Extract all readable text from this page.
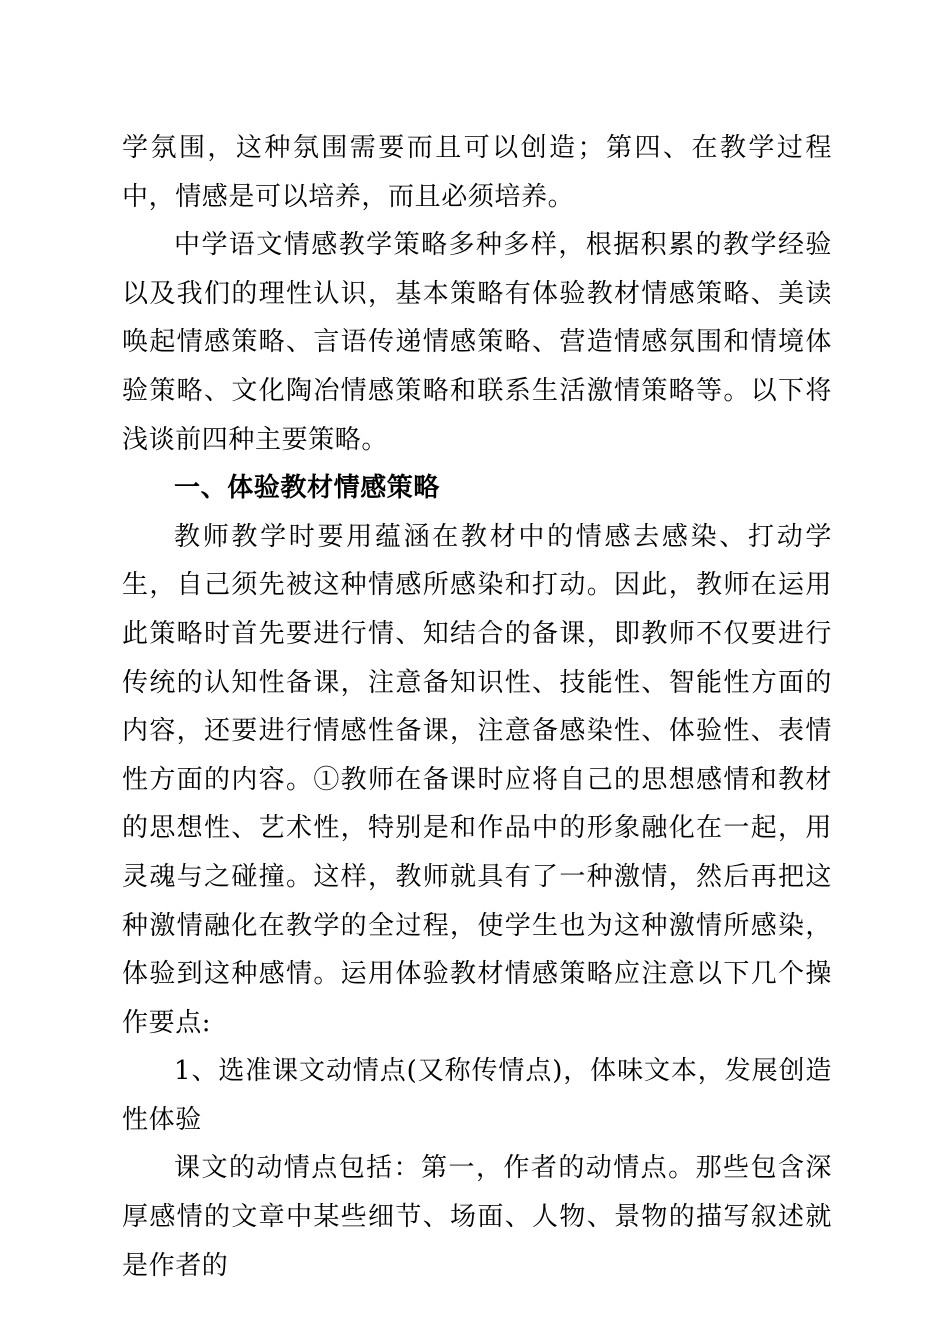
学氛围，这种氛围需要而且可以创造；第四、在教学过程中，情感是可以培养，而且必须培养。

中学语文情感教学策略多种多样，根据积累的教学经验以及我们的理性认识，基本策略有体验教材情感策略、美读唤起情感策略、言语传递情感策略、营造情感氛围和情境体验策略、文化陶冶情感策略和联系生活激情策略等。以下将浅谈前四种主要策略。

一、体验教材情感策略

教师教学时要用蕴涵在教材中的情感去感染、打动学生，自己须先被这种情感所感染和打动。因此，教师在运用此策略时首先要进行情、知结合的备课，即教师不仅要进行传统的认知性备课，注意备知识性、技能性、智能性方面的内容，还要进行情感性备课，注意备感染性、体验性、表情性方面的内容。①教师在备课时应将自己的思想感情和教材的思想性、艺术性，特别是和作品中的形象融化在一起，用灵魂与之碰撞。这样，教师就具有了一种激情，然后再把这种激情融化在教学的全过程，使学生也为这种激情所感染，体验到这种感情。运用体验教材情感策略应注意以下几个操作要点:

1、选准课文动情点(又称传情点)，体味文本，发展创造性体验

课文的动情点包括：第一，作者的动情点。那些包含深厚感情的文章中某些细节、场面、人物、景物的描写叙述就是作者的
